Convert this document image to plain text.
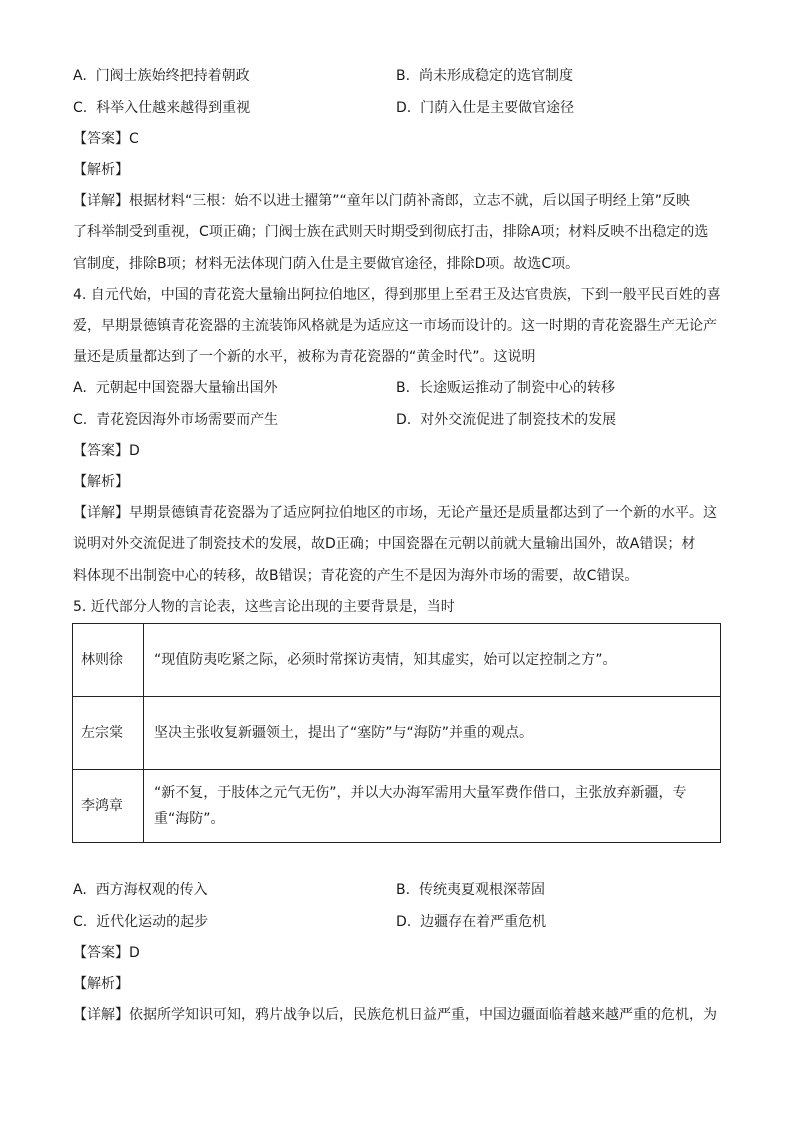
A. 门阀士族始终把持着朝政	B. 尚未形成稳定的选官制度
C. 科举入仕越来越得到重视	D. 门荫入仕是主要做官途径
【答案】C
【解析】
【详解】根据材料“三根：始不以进士擢第”“童年以门荫补斋郎，立志不就，后以国子明经上第”反映
了科举制受到重视，C项正确；门阀士族在武则天时期受到彻底打击，排除A项；材料反映不出稳定的选
官制度，排除B项；材料无法体现门荫入仕是主要做官途径，排除D项。故选C项。
4. 自元代始，中国的青花瓷大量输出阿拉伯地区，得到那里上至君王及达官贵族，下到一般平民百姓的喜
爱，早期景德镇青花瓷器的主流装饰风格就是为适应这一市场而设计的。这一时期的青花瓷器生产无论产
量还是质量都达到了一个新的水平，被称为青花瓷器的“黄金时代”。这说明
A. 元朝起中国瓷器大量输出国外	B. 长途贩运推动了制瓷中心的转移
C. 青花瓷因海外市场需要而产生	D. 对外交流促进了制瓷技术的发展
【答案】D
【解析】
【详解】早期景德镇青花瓷器为了适应阿拉伯地区的市场，无论产量还是质量都达到了一个新的水平。这
说明对外交流促进了制瓷技术的发展，故D正确；中国瓷器在元朝以前就大量输出国外，故A错误；材
料体现不出制瓷中心的转移，故B错误；青花瓷的产生不是因为海外市场的需要，故C错误。
5. 近代部分人物的言论表，这些言论出现的主要背景是，当时
林则徐	“现值防夷吃紧之际，必须时常探访夷情，知其虚实，始可以定控制之方”。
左宗棠	坚决主张收复新疆领土，提出了“塞防”与“海防”并重的观点。
李鸿章	“新不复，于肢体之元气无伤”，并以大办海军需用大量军费作借口，主张放弃新疆，专重“海防”。
A. 西方海权观的传入	B. 传统夷夏观根深蒂固
C. 近代化运动的起步	D. 边疆存在着严重危机
【答案】D
【解析】
【详解】依据所学知识可知，鸦片战争以后，民族危机日益严重，中国边疆面临着越来越严重的危机，为
